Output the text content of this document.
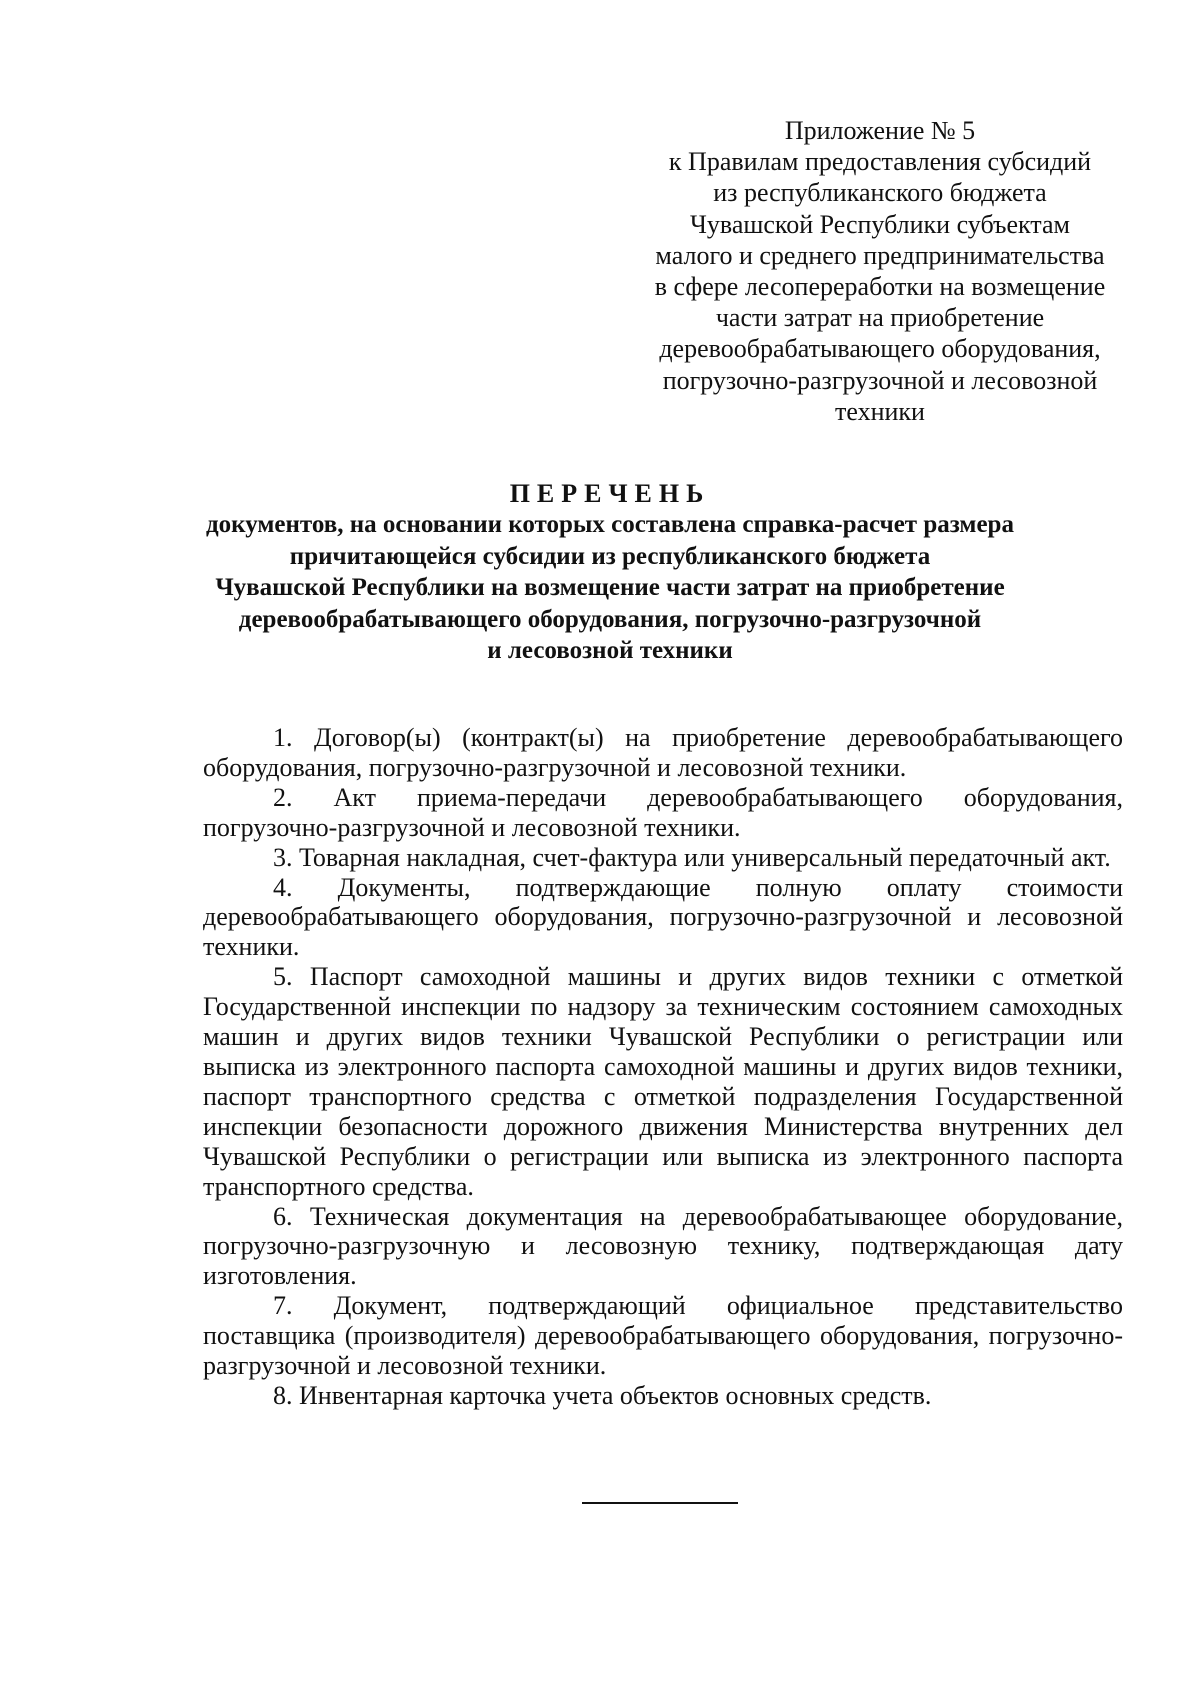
Приложение № 5
к Правилам предоставления субсидий
из республиканского бюджета
Чувашской Республики субъектам
малого и среднего предпринимательства
в сфере лесопереработки на возмещение
части затрат на приобретение
деревообрабатывающего оборудования,
погрузочно-разгрузочной и лесовозной
техники
ПЕРЕЧЕНЬ
документов, на основании которых составлена справка-расчет размера
причитающейся субсидии из республиканского бюджета
Чувашской Республики на возмещение части затрат на приобретение
деревообрабатывающего оборудования, погрузочно-разгрузочной
и лесовозной техники

1. Договор(ы) (контракт(ы) на приобретение деревообрабатывающего оборудования, погрузочно-разгрузочной и лесовозной техники.

2. Акт приема-передачи деревообрабатывающего оборудования, погрузочно-разгрузочной и лесовозной техники.

3. Товарная накладная, счет-фактура или универсальный передаточный акт.

4. Документы, подтверждающие полную оплату стоимости деревообрабатывающего оборудования, погрузочно-разгрузочной и лесовозной техники.

5. Паспорт самоходной машины и других видов техники с отметкой Государственной инспекции по надзору за техническим состоянием самоходных машин и других видов техники Чувашской Республики о регистрации или выписка из электронного паспорта самоходной машины и других видов техники, паспорт транспортного средства с отметкой подразделения Государственной инспекции безопасности дорожного движения Министерства внутренних дел Чувашской Республики о регистрации или выписка из электронного паспорта транспортного средства.

6. Техническая документация на деревообрабатывающее оборудование, погрузочно-разгрузочную и лесовозную технику, подтверждающая дату изготовления.

7. Документ, подтверждающий официальное представительство поставщика (производителя) деревообрабатывающего оборудования, погрузочно-разгрузочной и лесовозной техники.

8. Инвентарная карточка учета объектов основных средств.
